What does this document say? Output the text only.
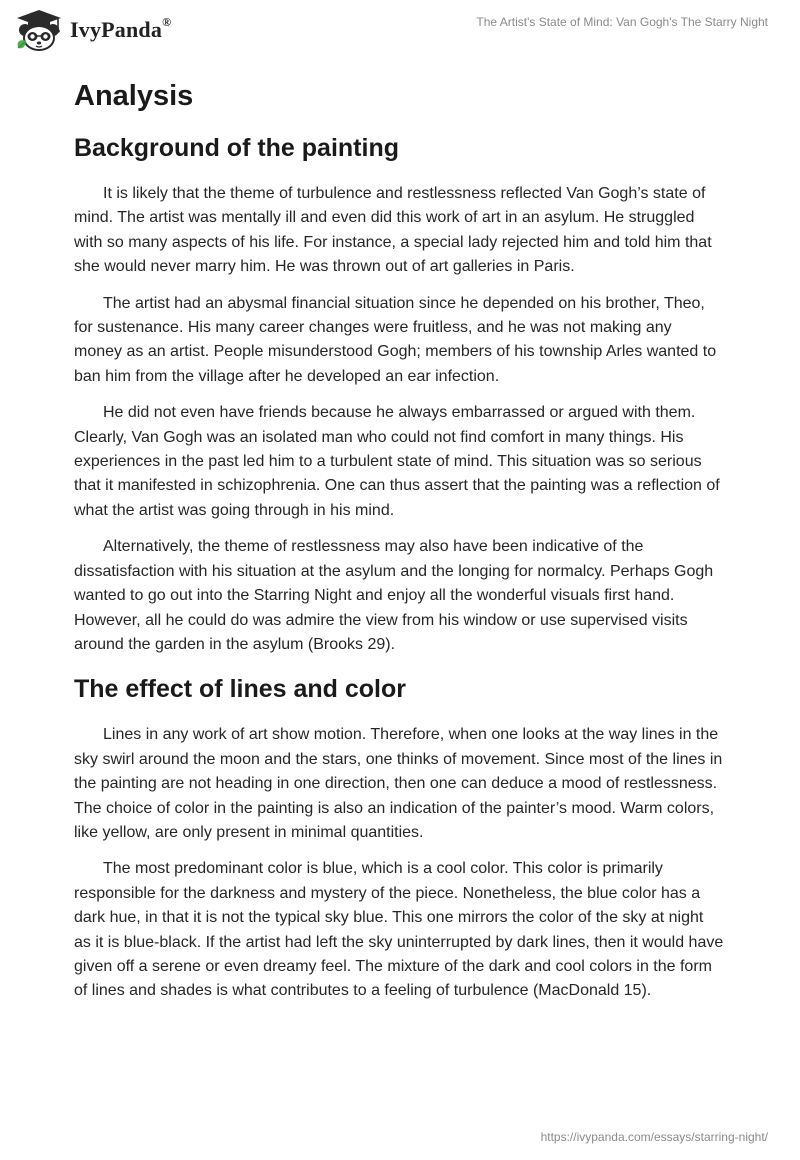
IvyPanda®	The Artist's State of Mind: Van Gogh's The Starry Night
Analysis
Background of the painting

It is likely that the theme of turbulence and restlessness reflected Van Gogh’s state of mind. The artist was mentally ill and even did this work of art in an asylum. He struggled with so many aspects of his life. For instance, a special lady rejected him and told him that she would never marry him. He was thrown out of art galleries in Paris.

The artist had an abysmal financial situation since he depended on his brother, Theo, for sustenance. His many career changes were fruitless, and he was not making any money as an artist. People misunderstood Gogh; members of his township Arles wanted to ban him from the village after he developed an ear infection.

He did not even have friends because he always embarrassed or argued with them. Clearly, Van Gogh was an isolated man who could not find comfort in many things. His experiences in the past led him to a turbulent state of mind. This situation was so serious that it manifested in schizophrenia. One can thus assert that the painting was a reflection of what the artist was going through in his mind.

Alternatively, the theme of restlessness may also have been indicative of the dissatisfaction with his situation at the asylum and the longing for normalcy. Perhaps Gogh wanted to go out into the Starring Night and enjoy all the wonderful visuals first hand. However, all he could do was admire the view from his window or use supervised visits around the garden in the asylum (Brooks 29).

The effect of lines and color

Lines in any work of art show motion. Therefore, when one looks at the way lines in the sky swirl around the moon and the stars, one thinks of movement. Since most of the lines in the painting are not heading in one direction, then one can deduce a mood of restlessness. The choice of color in the painting is also an indication of the painter’s mood. Warm colors, like yellow, are only present in minimal quantities.

The most predominant color is blue, which is a cool color. This color is primarily responsible for the darkness and mystery of the piece. Nonetheless, the blue color has a dark hue, in that it is not the typical sky blue. This one mirrors the color of the sky at night as it is blue-black. If the artist had left the sky uninterrupted by dark lines, then it would have given off a serene or even dreamy feel. The mixture of the dark and cool colors in the form of lines and shades is what contributes to a feeling of turbulence (MacDonald 15).

https://ivypanda.com/essays/starring-night/
